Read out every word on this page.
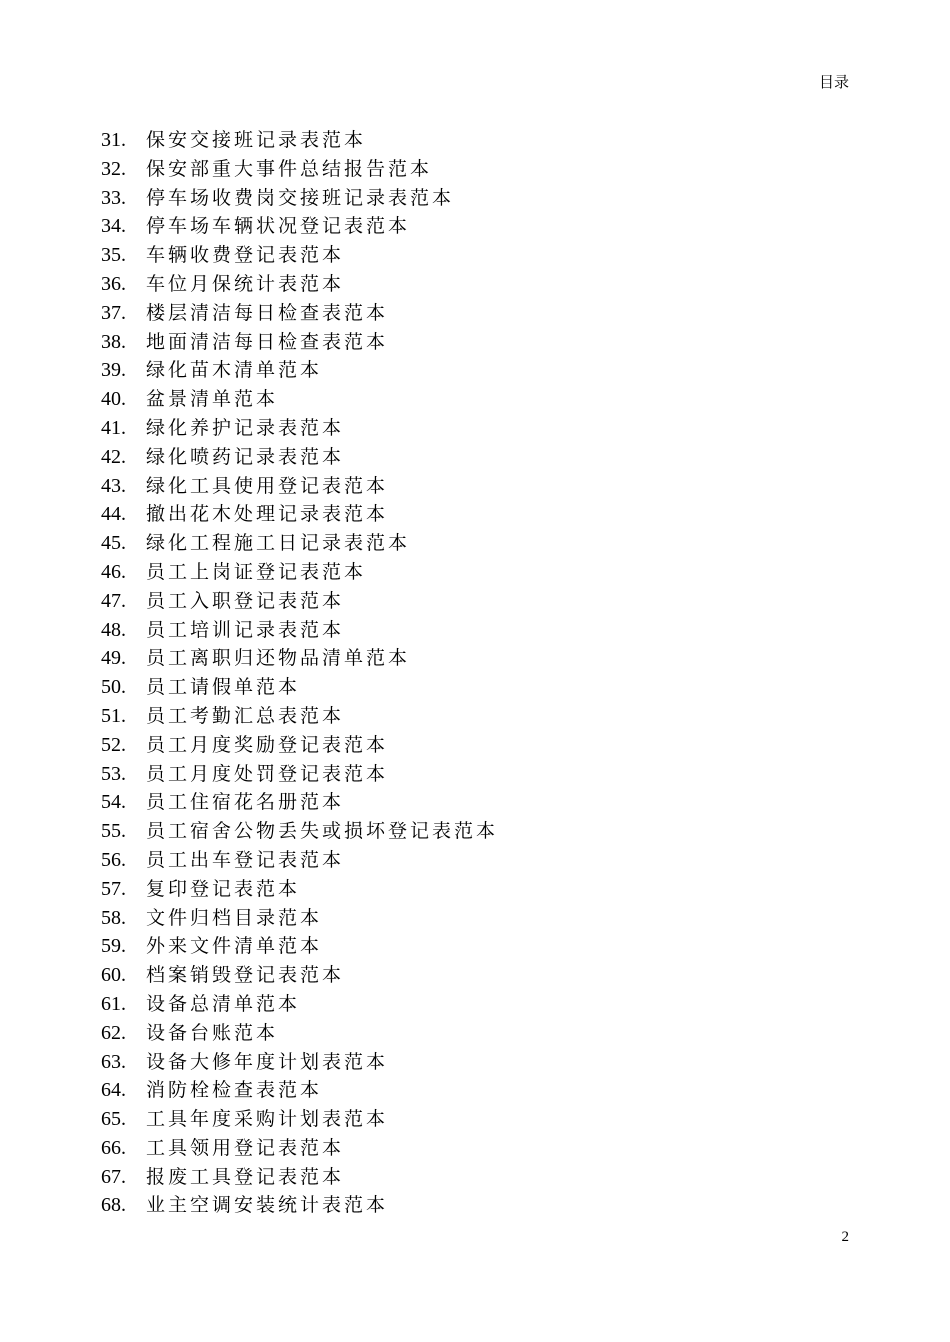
目录
31.	保安交接班记录表范本
32.	保安部重大事件总结报告范本
33.	停车场收费岗交接班记录表范本
34.	停车场车辆状况登记表范本
35.	车辆收费登记表范本
36.	车位月保统计表范本
37.	楼层清洁每日检查表范本
38.	地面清洁每日检查表范本
39.	绿化苗木清单范本
40.	盆景清单范本
41.	绿化养护记录表范本
42.	绿化喷药记录表范本
43.	绿化工具使用登记表范本
44.	撤出花木处理记录表范本
45.	绿化工程施工日记录表范本
46.	员工上岗证登记表范本
47.	员工入职登记表范本
48.	员工培训记录表范本
49.	员工离职归还物品清单范本
50.	员工请假单范本
51.	员工考勤汇总表范本
52.	员工月度奖励登记表范本
53.	员工月度处罚登记表范本
54.	员工住宿花名册范本
55.	员工宿舍公物丢失或损坏登记表范本
56.	员工出车登记表范本
57.	复印登记表范本
58.	文件归档目录范本
59.	外来文件清单范本
60.	档案销毁登记表范本
61.	设备总清单范本
62.	设备台账范本
63.	设备大修年度计划表范本
64.	消防栓检查表范本
65.	工具年度采购计划表范本
66.	工具领用登记表范本
67.	报废工具登记表范本
68.	业主空调安装统计表范本
2
